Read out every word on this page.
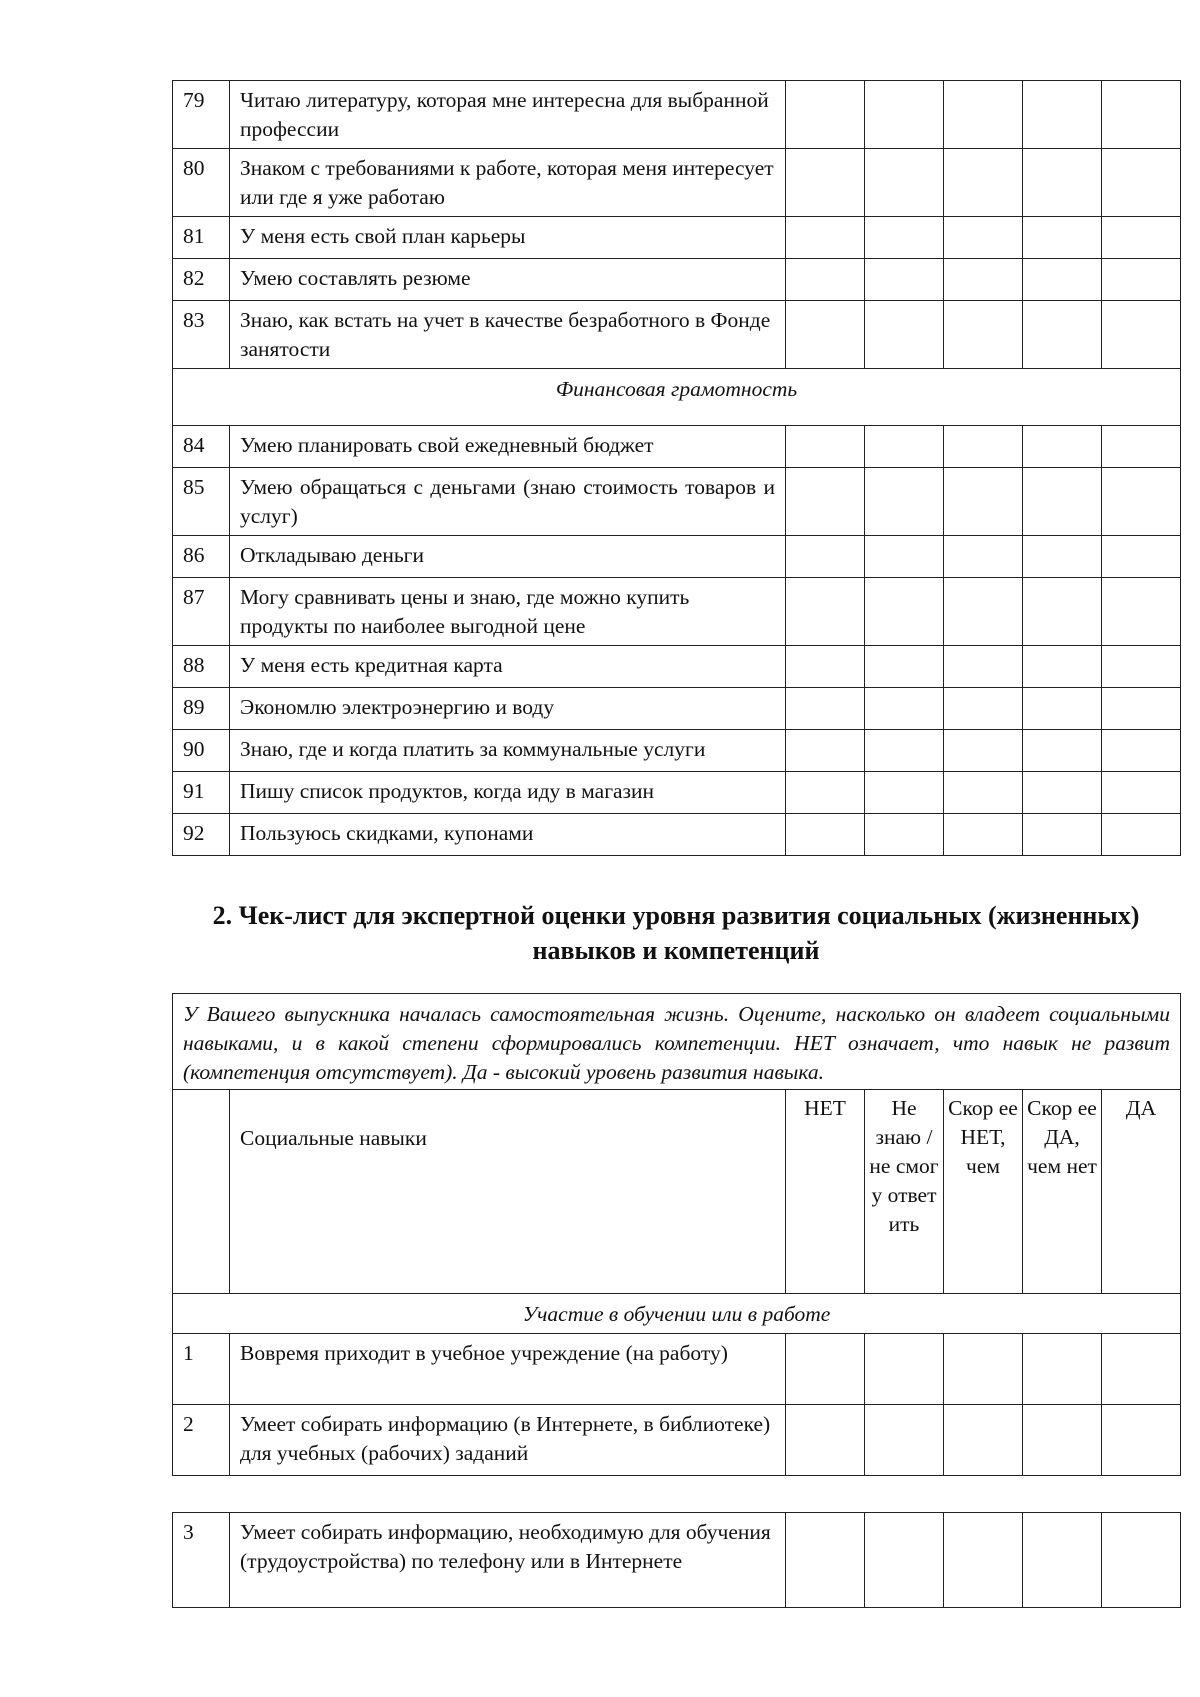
79	Читаю литературу, которая мне интересна для выбранной профессии					
80	Знаком с требованиями к работе, которая меня интересует или где я уже работаю					
81	У меня есть свой план карьеры					
82	Умею составлять резюме					
83	Знаю, как встать на учет в качестве безработного в Фонде занятости					
Финансовая грамотность						
84	Умею планировать свой ежедневный бюджет					
85	Умею обращаться с деньгами (знаю стоимость товаров и услуг)					
86	Откладываю деньги					
87	Могу сравнивать цены и знаю, где можно купить продукты по наиболее выгодной цене					
88	У меня есть кредитная карта					
89	Экономлю электроэнергию и воду					
90	Знаю, где и когда платить за коммунальные услуги					
91	Пишу список продуктов, когда иду в магазин					
92	Пользуюсь скидками, купонами					
2. Чек-лист для экспертной оценки уровня развития социальных (жизненных) навыков и компетенций
У Вашего выпускника началась самостоятельная жизнь. Оцените, насколько он владеет социальными навыками, и в какой степени сформировались компетенции. НЕТ означает, что навык не развит (компетенция отсутствует). Да - высокий уровень развития навыка.						
	Социальные навыки	НЕТ	Не знаю /не смог у ответ ить	Скор ее НЕТ, чем	Скор ее ДА, чем нет	ДА
Участие в обучении или в работе						
1	Вовремя приходит в учебное учреждение (на работу)					
2	Умеет собирать информацию (в Интернете, в библиотеке) для учебных (рабочих) заданий					
3	Умеет собирать информацию, необходимую для обучения (трудоустройства) по телефону или в Интернете					
